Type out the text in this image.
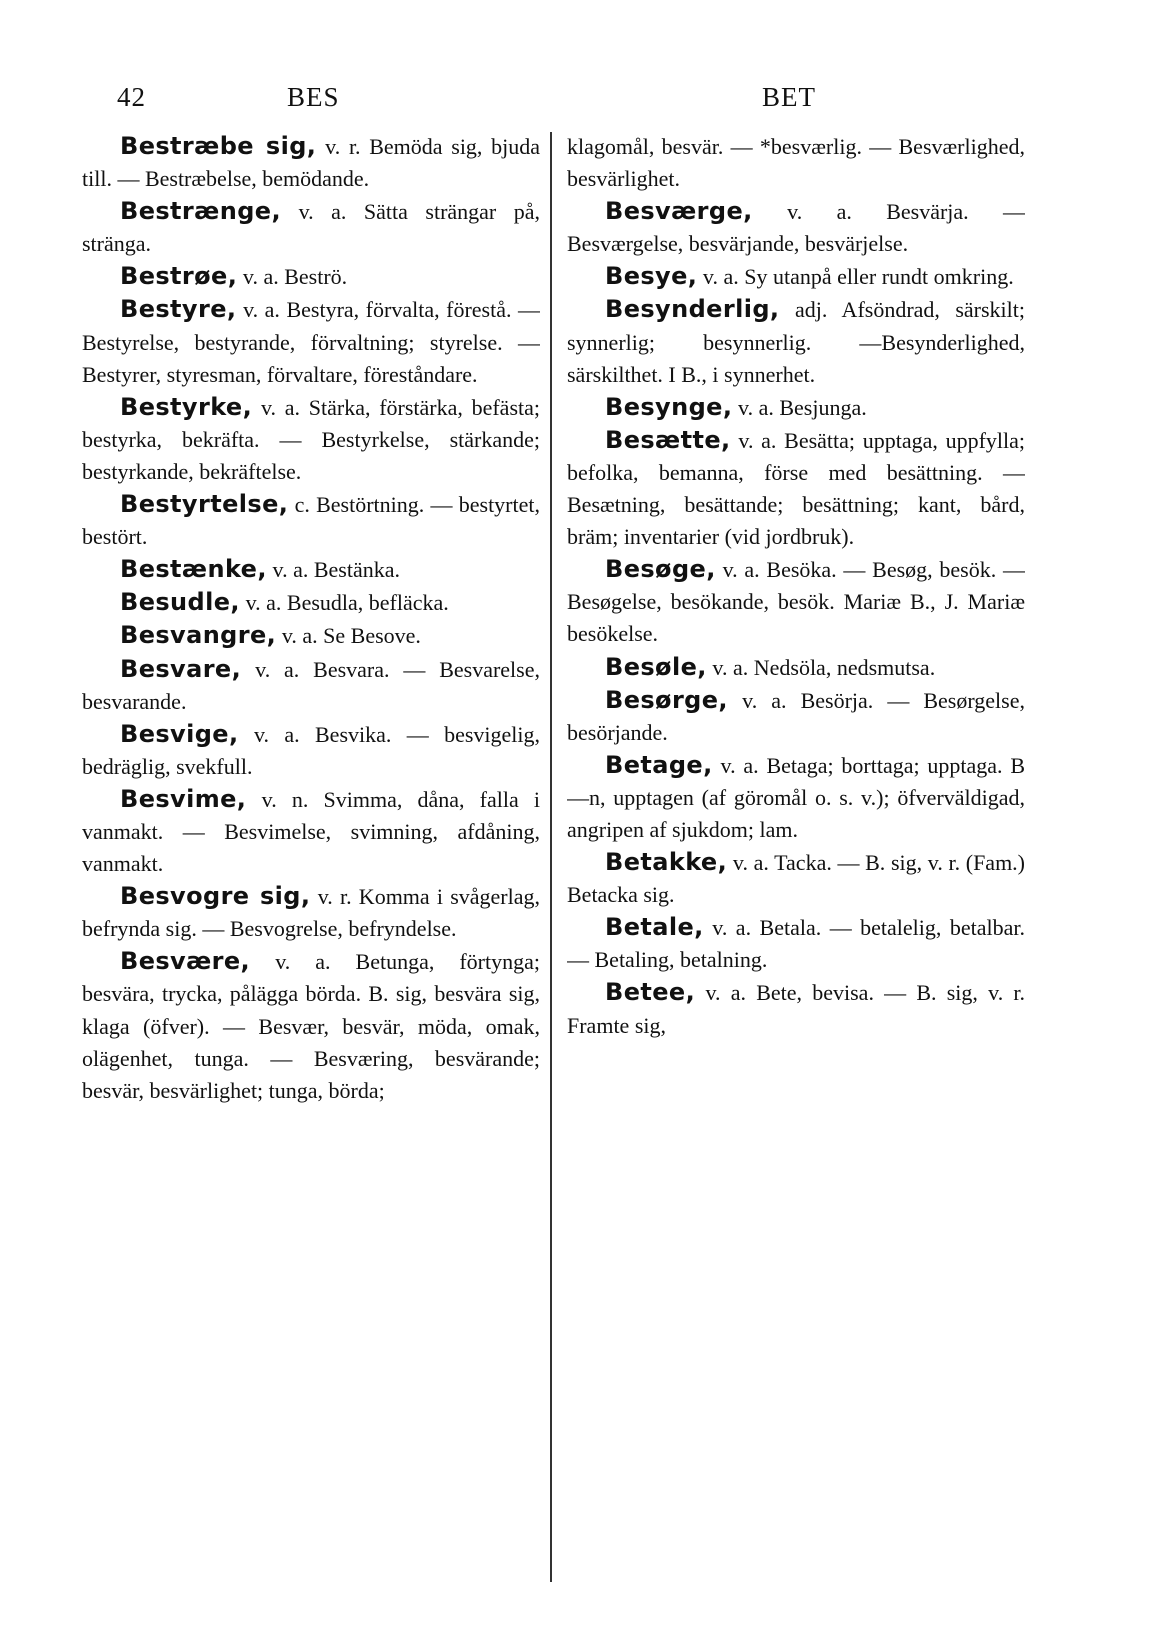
42	BES	BET

Bestræbe sig, v. r. Bemöda sig, bjuda till. — Bestræbelse, bemödande.

Bestrænge, v. a. Sätta strängar på, stränga.

Bestrøe, v. a. Beströ.

Bestyre, v. a. Bestyra, förvalta, förestå. — Bestyrelse, bestyrande, förvaltning; styrelse. — Bestyrer, styresman, förvaltare, föreståndare.

Bestyrke, v. a. Stärka, förstärka, befästa; bestyrka, bekräfta. — Bestyrkelse, stärkande; bestyrkande, bekräftelse.

Bestyrtelse, c. Bestörtning. — bestyrtet, bestört.

Bestænke, v. a. Bestänka.

Besudle, v. a. Besudla, befläcka.

Besvangre, v. a. Se Besove.

Besvare, v. a. Besvara. — Besvarelse, besvarande.

Besvige, v. a. Besvika. — besvigelig, bedräglig, svekfull.

Besvime, v. n. Svimma, dåna, falla i vanmakt. — Besvimelse, svimning, afdåning, vanmakt.

Besvogre sig, v. r. Komma i svågerlag, befrynda sig. — Besvogrelse, befryndelse.

Besvære, v. a. Betunga, förtynga; besvära, trycka, pålägga börda. B. sig, besvära sig, klaga (öfver). — Besvær, besvär, möda, omak, olägenhet, tunga. — Besværing, besvärande; besvär, besvärlighet; tunga, börda;

klagomål, besvär. — *besværlig. — Besværlighed, besvärlighet.

Besværge, v. a. Besvärja. — Besværgelse, besvärjande, besvärjelse.

Besye, v. a. Sy utanpå eller rundt omkring.

Besynderlig, adj. Afsöndrad, särskilt; synnerlig; besynnerlig. —Besynderlighed, särskilthet. I B., i synnerhet.

Besynge, v. a. Besjunga.

Besætte, v. a. Besätta; upptaga, uppfylla; befolka, bemanna, förse med besättning. — Besætning, besättande; besättning; kant, bård, bräm; inventarier (vid jordbruk).

Besøge, v. a. Besöka. — Besøg, besök. — Besøgelse, besökande, besök. Mariæ B., J. Mariæ besökelse.

Besøle, v. a. Nedsöla, nedsmutsa.

Besørge, v. a. Besörja. — Besørgelse, besörjande.

Betage, v. a. Betaga; borttaga; upptaga. B—n, upptagen (af göromål o. s. v.); öfverväldigad, angripen af sjukdom; lam.

Betakke, v. a. Tacka. — B. sig, v. r. (Fam.) Betacka sig.

Betale, v. a. Betala. — betalelig, betalbar. — Betaling, betalning.

Betee, v. a. Bete, bevisa. — B. sig, v. r. Framte sig,
